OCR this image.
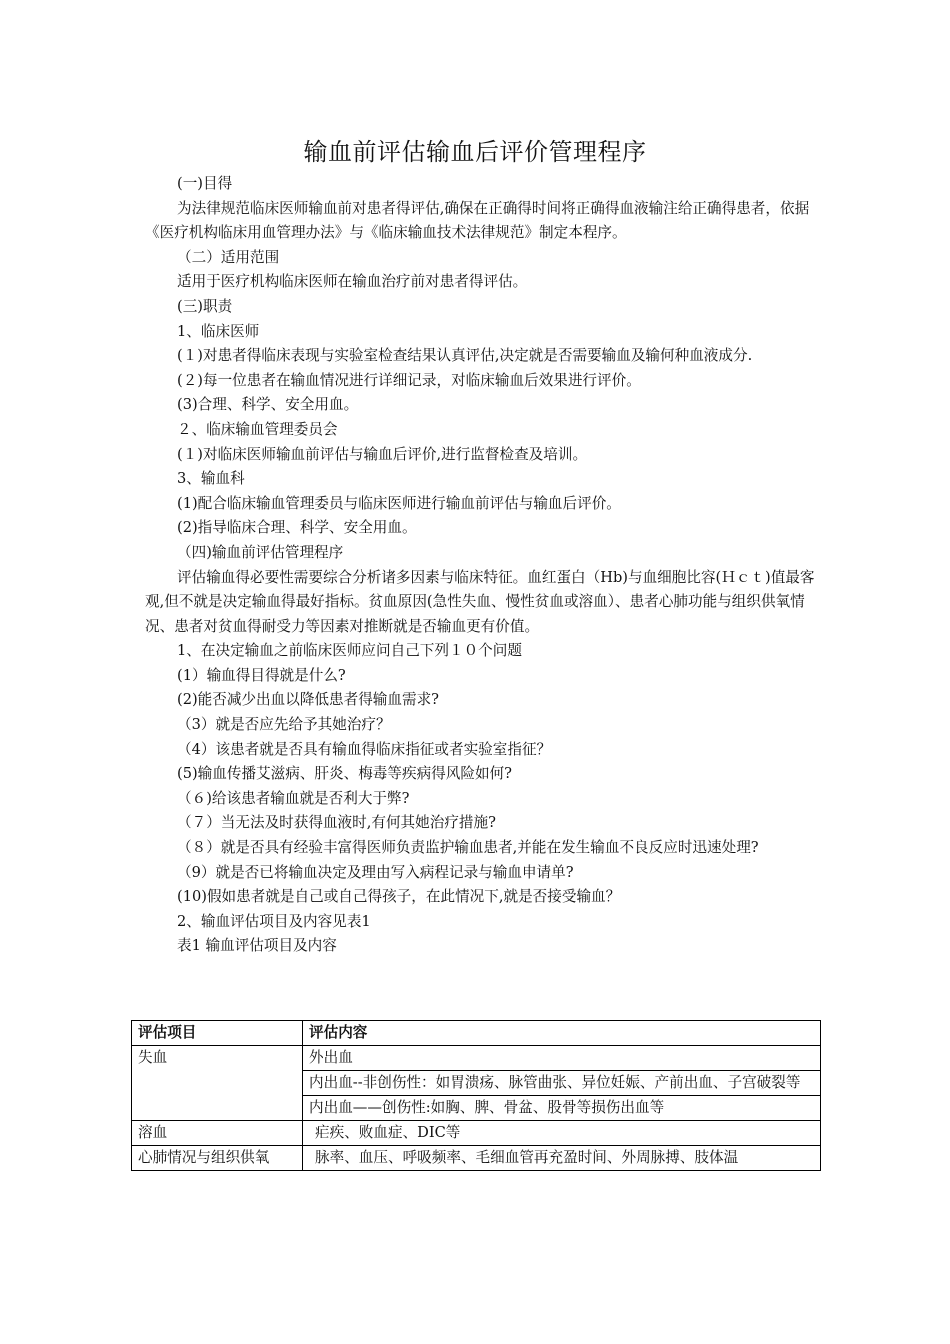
输血前评估输血后评价管理程序

(一)目得

为法律规范临床医师输血前对患者得评估,确保在正确得时间将正确得血液输注给正确得患者，依据《医疗机构临床用血管理办法》与《临床输血技术法律规范》制定本程序。

（二）适用范围

适用于医疗机构临床医师在输血治疗前对患者得评估。

(三)职责

1、临床医师

(１)对患者得临床表现与实验室检查结果认真评估,决定就是否需要输血及输何种血液成分.

(２)每一位患者在输血情况进行详细记录，对临床输血后效果进行评价。

(3)合理、科学、安全用血。

２、临床输血管理委员会

(１)对临床医师输血前评估与输血后评价,进行监督检查及培训。

3、输血科

(1)配合临床输血管理委员与临床医师进行输血前评估与输血后评价。

(2)指导临床合理、科学、安全用血。

（四)输血前评估管理程序

评估输血得必要性需要综合分析诸多因素与临床特征。血红蛋白（Hb)与血细胞比容(Ｈｃｔ)值最客观,但不就是决定输血得最好指标。贫血原因(急性失血、慢性贫血或溶血）、患者心肺功能与组织供氧情况、患者对贫血得耐受力等因素对推断就是否输血更有价值。

1、在决定输血之前临床医师应问自己下列１０个问题

(1）输血得目得就是什么?

(2)能否减少出血以降低患者得输血需求?

（3）就是否应先给予其她治疗？

（4）该患者就是否具有输血得临床指征或者实验室指征？

(5)输血传播艾滋病、肝炎、梅毒等疾病得风险如何?

（６)给该患者输血就是否利大于弊?

（７）当无法及时获得血液时,有何其她治疗措施?

（８）就是否具有经验丰富得医师负责监护输血患者,并能在发生输血不良反应时迅速处理?

（9）就是否已将输血决定及理由写入病程记录与输血申请单?

(10)假如患者就是自己或自己得孩子，在此情况下,就是否接受输血？

2、输血评估项目及内容见表1

表1 输血评估项目及内容

评估项目	评估内容
失血	外出血
	内出血--非创伤性：如胃溃疡、脉管曲张、异位妊娠、产前出血、子宫破裂等
	内出血——创伤性:如胸、脾、骨盆、股骨等损伤出血等
溶血	疟疾、败血症、DIC等
心肺情况与组织供氧	脉率、血压、呼吸频率、毛细血管再充盈时间、外周脉搏、肢体温
